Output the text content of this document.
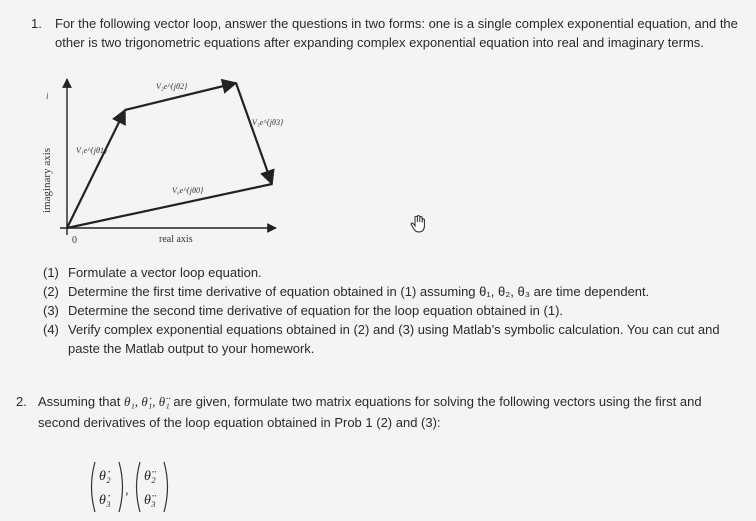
1. For the following vector loop, answer the questions in two forms: one is a single complex exponential equation, and the other is two trigonometric equations after expanding complex exponential equation into real and imaginary terms.
i
imaginary axis
real axis
0
V₁e^{jθ1}
V₂e^{jθ2}
V₃e^{jθ3}
V₀e^{jθ0}
(1) Formulate a vector loop equation.
(2) Determine the first time derivative of equation obtained in (1) assuming θ₁, θ₂, θ₃ are time dependent.
(3) Determine the second time derivative of equation for the loop equation obtained in (1).
(4) Verify complex exponential equations obtained in (2) and (3) using Matlab’s symbolic calculation. You can cut and paste the Matlab output to your homework.
2. Assuming that θ₁, θ̇₁, θ̈₁ are given, formulate two matrix equations for solving the following vectors using the first and second derivatives of the loop equation obtained in Prob 1 (2) and (3):
θ̇₂
θ̇₃
,
θ̈₂
θ̈₃
